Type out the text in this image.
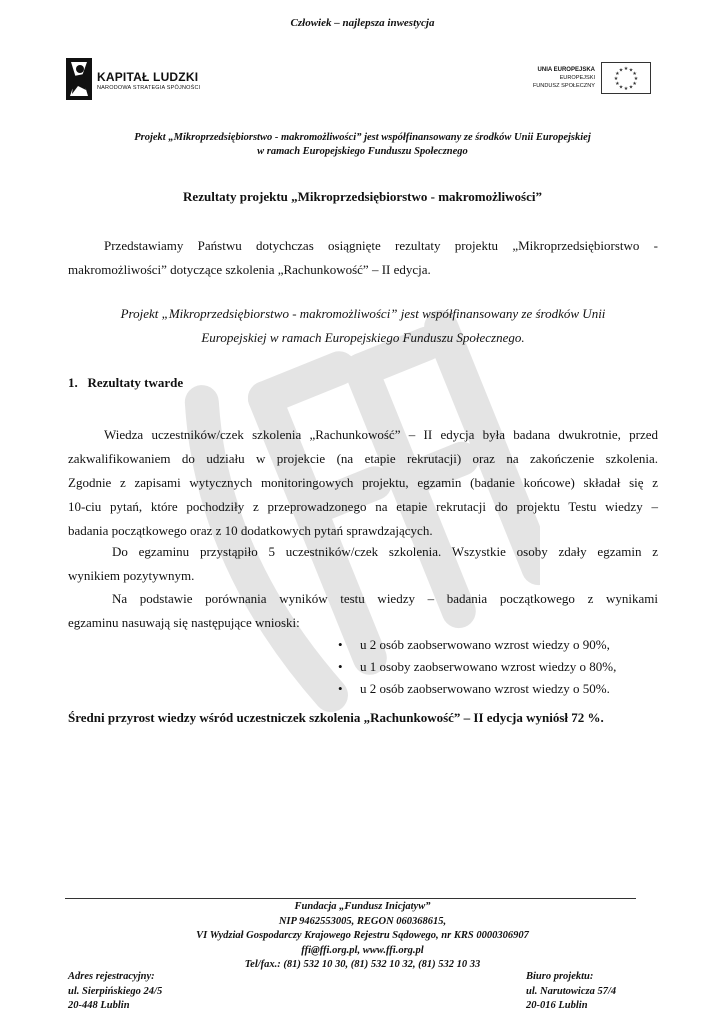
Człowiek – najlepsza inwestycja
KAPITAŁ LUDZKI
NARODOWA STRATEGIA SPÓJNOŚCI
UNIA EUROPEJSKA
EUROPEJSKI
FUNDUSZ SPOŁECZNY
★
★
★
★
★
★
★
★
★ ★ ★
★
Projekt „Mikroprzedsiębiorstwo - makromożliwości” jest współfinansowany ze środków Unii Europejskiej
w ramach Europejskiego Funduszu Społecznego
Rezultaty projektu „Mikroprzedsiębiorstwo - makromożliwości”
Przedstawiamy Państwu dotychczas osiągnięte rezultaty projektu „Mikroprzedsiębiorstwo -
makromożliwości” dotyczące szkolenia „Rachunkowość” – II edycja.
Projekt „Mikroprzedsiębiorstwo - makromożliwości” jest współfinansowany ze środków Unii
Europejskiej w ramach Europejskiego Funduszu Społecznego.
1. Rezultaty twarde
Wiedza uczestników/czek szkolenia „Rachunkowość” – II edycja była badana dwukrotnie, przed
zakwalifikowaniem do udziału w projekcie (na etapie rekrutacji) oraz na zakończenie szkolenia.
Zgodnie z zapisami wytycznych monitoringowych projektu, egzamin (badanie końcowe) składał się z
10-ciu pytań, które pochodziły z przeprowadzonego na etapie rekrutacji do projektu Testu wiedzy –
badania początkowego oraz z 10 dodatkowych pytań sprawdzających.
Do egzaminu przystąpiło 5 uczestników/czek szkolenia. Wszystkie osoby zdały egzamin z
wynikiem pozytywnym.
Na podstawie porównania wyników testu wiedzy – badania początkowego z wynikami
egzaminu nasuwają się następujące wnioski:
• u 2 osób zaobserwowano wzrost wiedzy o 90%,
• u 1 osoby zaobserwowano wzrost wiedzy o 80%,
• u 2 osób zaobserwowano wzrost wiedzy o 50%.
Średni przyrost wiedzy wśród uczestniczek szkolenia „Rachunkowość” – II edycja wyniósł 72 %.
Fundacja „Fundusz Inicjatyw”
NIP 9462553005, REGON 060368615,
VI Wydział Gospodarczy Krajowego Rejestru Sądowego, nr KRS 0000306907
ffi@ffi.org.pl, www.ffi.org.pl
Tel/fax.: (81) 532 10 30, (81) 532 10 32, (81) 532 10 33
Adres rejestracyjny:
ul. Sierpińskiego 24/5
20-448 Lublin
Biuro projektu:
ul. Narutowicza 57/4
20-016 Lublin
